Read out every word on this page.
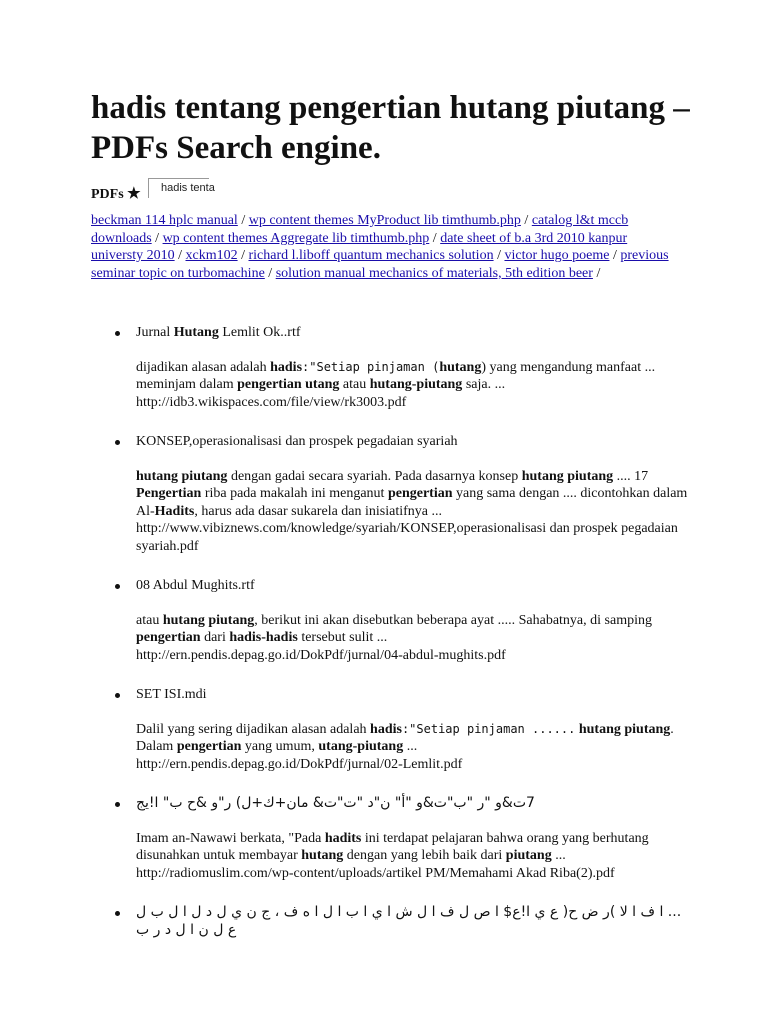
hadis tentang pengertian hutang piutang – PDFs Search engine.
PDFs ★	hadis tenta
beckman 114 hplc manual / wp content themes MyProduct lib timthumb.php / catalog l&t mccb downloads / wp content themes Aggregate lib timthumb.php / date sheet of b.a 3rd 2010 kanpur universty 2010 / xckm102 / richard l.liboff quantum mechanics solution / victor hugo poeme / previous seminar topic on turbomachine / solution manual mechanics of materials, 5th edition beer /
Jurnal Hutang Lemlit Ok..rtf
dijadikan alasan adalah hadis:"Setiap pinjaman (hutang) yang mengandung manfaat ... meminjam dalam pengertian utang atau hutang-piutang saja. ...
http://idb3.wikispaces.com/file/view/rk3003.pdf
KONSEP,operasionalisasi dan prospek pegadaian syariah
hutang piutang dengan gadai secara syariah. Pada dasarnya konsep hutang piutang .... 17 Pengertian riba pada makalah ini menganut pengertian yang sama dengan .... dicontohkan dalam Al-Hadits, harus ada dasar sukarela dan inisiatifnya ...
http://www.vibiznews.com/knowledge/syariah/KONSEP,operasionalisasi dan prospek pegadaian syariah.pdf
08 Abdul Mughits.rtf
atau hutang piutang, berikut ini akan disebutkan beberapa ayat ..... Sahabatnya, di samping pengertian dari hadis-hadis tersebut sulit ...
http://ern.pendis.depag.go.id/DokPdf/jurnal/04-abdul-mughits.pdf
SET ISI.mdi
Dalil yang sering dijadikan alasan adalah hadis:"Setiap pinjaman ...... hutang piutang. Dalam pengertian yang umum, utang-piutang ...
http://ern.pendis.depag.go.id/DokPdf/jurnal/02-Lemlit.pdf
7ت&و "ر "ب"ت&و "أ" ن"د "ت"ت& مان+ك+ل) ر"و &ح ب" ا!يج
Imam an-Nawawi berkata, "Pada hadits ini terdapat pelajaran bahwa orang yang berhutang disunahkan untuk membayar hutang dengan yang lebih baik dari piutang ...
http://radiomuslim.com/wp-content/uploads/artikel PM/Memahami Akad Riba(2).pdf
... ا ف ا لا )ر ض ح( ع ي ا!ع$ ا ص ل ف ا ل ش ا ي ا ب ا ل ا ه ف ، ج ن ي ل د ل ا ل ب ل ع ل ن ا ل د ر ب
